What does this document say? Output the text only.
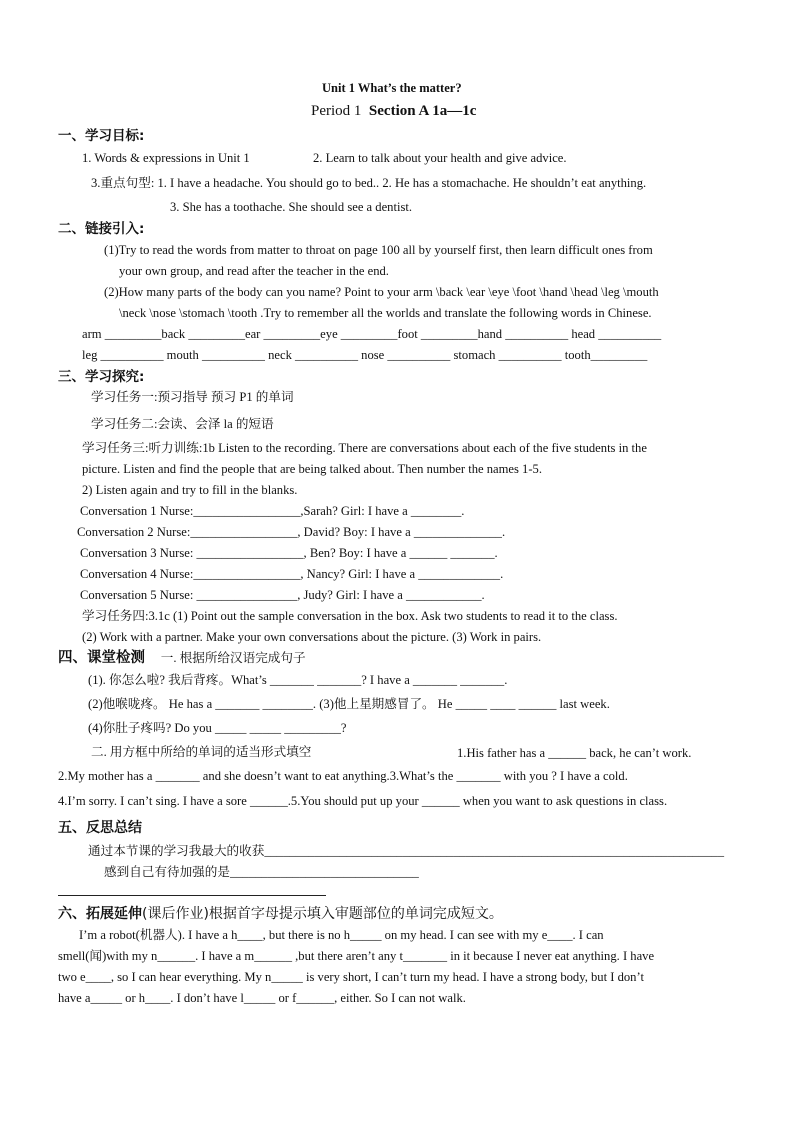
Unit 1 What’s the matter?
Period 1 Section A 1a—1c
一、学习目标:
1. Words & expressions in Unit 1	2. Learn to talk about your health and give advice.
3.重点句型: 1. I have a headache. You should go to bed.. 2. He has a stomachache. He shouldn’t eat anything.
3. She has a toothache. She should see a dentist.
二、链接引入:
(1)Try to read the words from matter to throat on page 100 all by yourself first, then learn difficult ones from
your own group, and read after the teacher in the end.
(2)How many parts of the body can you name? Point to your arm \back \ear \eye \foot \hand \head \leg \mouth
\neck \nose \stomach \tooth .Try to remember all the worlds and translate the following words in Chinese.
arm _________back _________ear _________eye _________foot _________hand __________ head __________
leg __________ mouth __________ neck __________ nose __________ stomach __________ tooth_________
三、学习探究:
学习任务一:预习指导 预习 P1 的单词
学习任务二:会读、会泽 la 的短语
学习任务三:听力训练:1b Listen to the recording. There are conversations about each of the five students in the
picture. Listen and find the people that are being talked about. Then number the names 1-5.
2) Listen again and try to fill in the blanks.
Conversation 1 Nurse:_________________,Sarah? Girl: I have a ________.
Conversation 2 Nurse:_________________, David? Boy: I have a ______________.
Conversation 3 Nurse: _________________, Ben? Boy: I have a ______ _______.
Conversation 4 Nurse:_________________, Nancy? Girl: I have a _____________.
Conversation 5 Nurse: ________________, Judy? Girl: I have a ____________.
学习任务四:3.1c (1) Point out the sample conversation in the box. Ask two students to read it to the class.
(2) Work with a partner. Make your own conversations about the picture. (3) Work in pairs.
四、课堂检测 一. 根据所给汉语完成句子
(1). 你怎么啦? 我后背疼。What’s _______ _______? I have a _______ _______.
(2)他喉咙疼。 He has a _______ ________. (3)他上星期感冒了。 He _____ ____ ______ last week.
(4)你肚子疼吗? Do you _____ _____ _________?
二. 用方框中所给的单词的适当形式填空	1.His father has a ______ back, he can’t work.
2.My mother has a _______ and she doesn’t want to eat anything.3.What’s the _______ with you ? I have a cold.
4.I’m sorry. I can’t sing. I have a sore ______.5.You should put up your ______ when you want to ask questions in class.
五、反思总结
通过本节课的学习我最大的收获_________________________________________________________________________
感到自己有待加强的是______________________________
六、拓展延伸(课后作业)根据首字母提示填入审题部位的单词完成短文。
I’m a robot(机器人). I have a h____, but there is no h_____ on my head. I can see with my e____. I can
smell(闻)with my n______. I have a m______ ,but there aren’t any t_______ in it because I never eat anything. I have
two e____, so I can hear everything. My n_____ is very short, I can’t turn my head. I have a strong body, but I don’t
have a_____ or h____. I don’t have l_____ or f______, either. So I can not walk.
